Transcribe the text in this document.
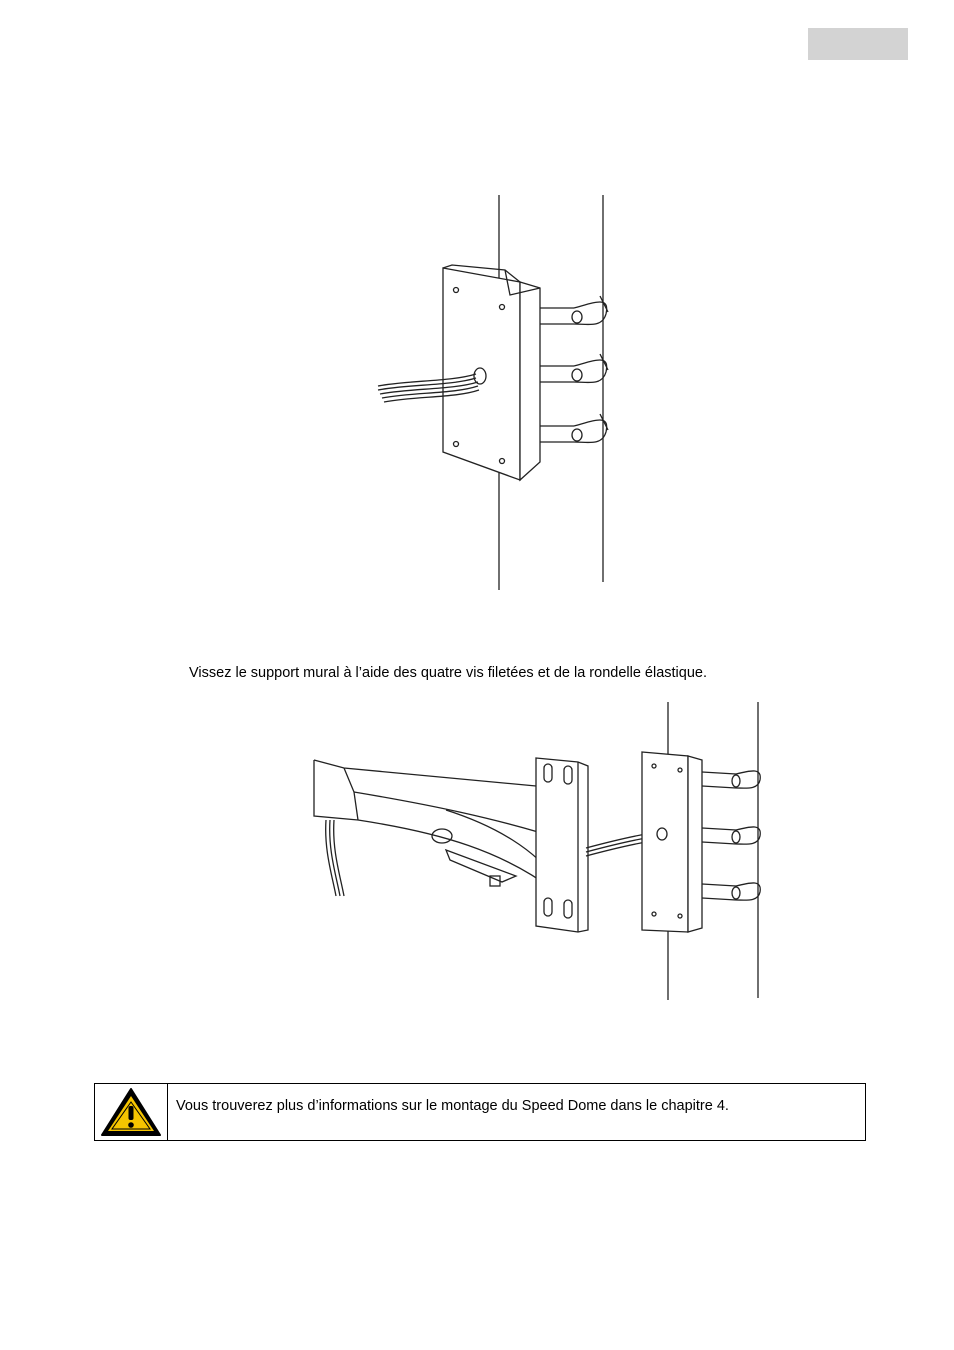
Vissez le support mural à l’aide des quatre vis filetées et de la rondelle élastique.
Vous trouverez plus d’informations sur le montage du Speed Dome dans le chapitre 4.
